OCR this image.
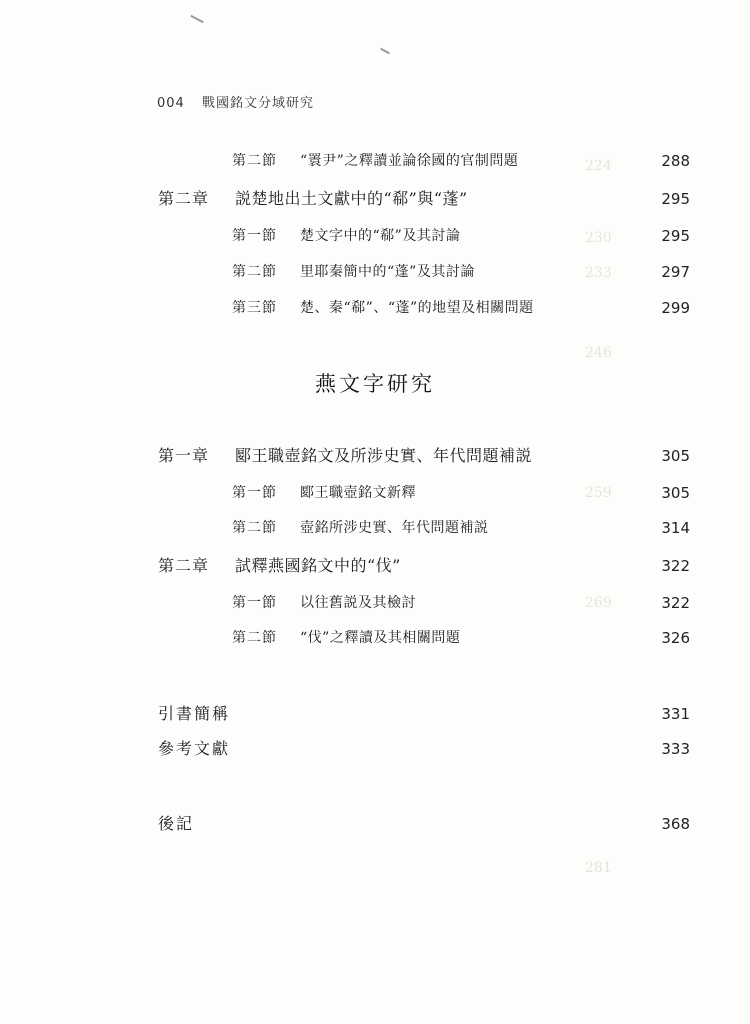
224
230
233
246
259
269
281
004 戰國銘文分域研究
第二節 “瞏尹”之釋讀並論徐國的官制問題	288
第二章 説楚地出土文獻中的“郗”與“蓬”	295
第一節 楚文字中的“郗”及其討論	295
第二節 里耶秦簡中的“蓬”及其討論	297
第三節 楚、秦“郗”、“蓬”的地望及相關問題	299
燕文字研究
第一章 郾王職壺銘文及所涉史實、年代問題補説	305
第一節 郾王職壺銘文新釋	305
第二節 壺銘所涉史實、年代問題補説	314
第二章 試釋燕國銘文中的“伐”	322
第一節 以往舊説及其檢討	322
第二節 “伐”之釋讀及其相關問題	326
引書簡稱	331
參考文獻	333
後記	368
